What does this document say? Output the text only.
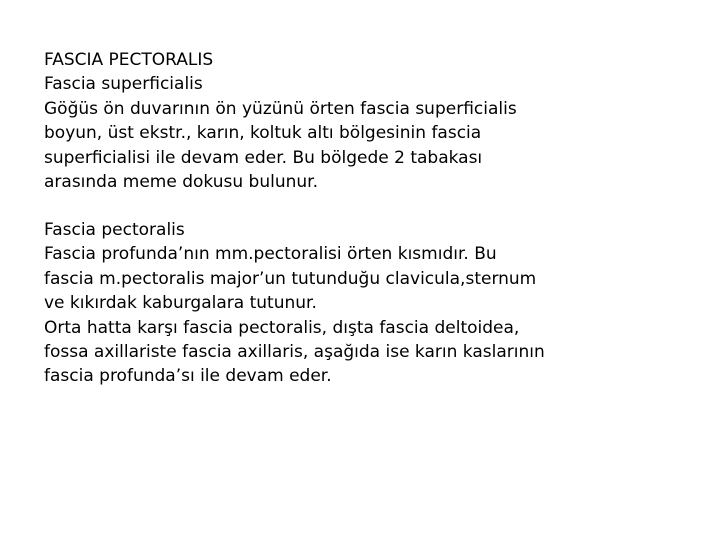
FASCIA PECTORALIS
Fascia superficialis
Göğüs ön duvarının ön yüzünü örten fascia superficialis
boyun, üst ekstr., karın, koltuk altı bölgesinin fascia
superficialisi ile devam eder. Bu bölgede 2 tabakası
arasında meme dokusu bulunur.
Fascia pectoralis
Fascia profunda’nın mm.pectoralisi örten kısmıdır. Bu
fascia m.pectoralis major’un tutunduğu clavicula,sternum
ve kıkırdak kaburgalara tutunur.
Orta hatta karşı fascia pectoralis, dışta fascia deltoidea,
fossa axillariste fascia axillaris, aşağıda ise karın kaslarının
fascia profunda’sı ile devam eder.
